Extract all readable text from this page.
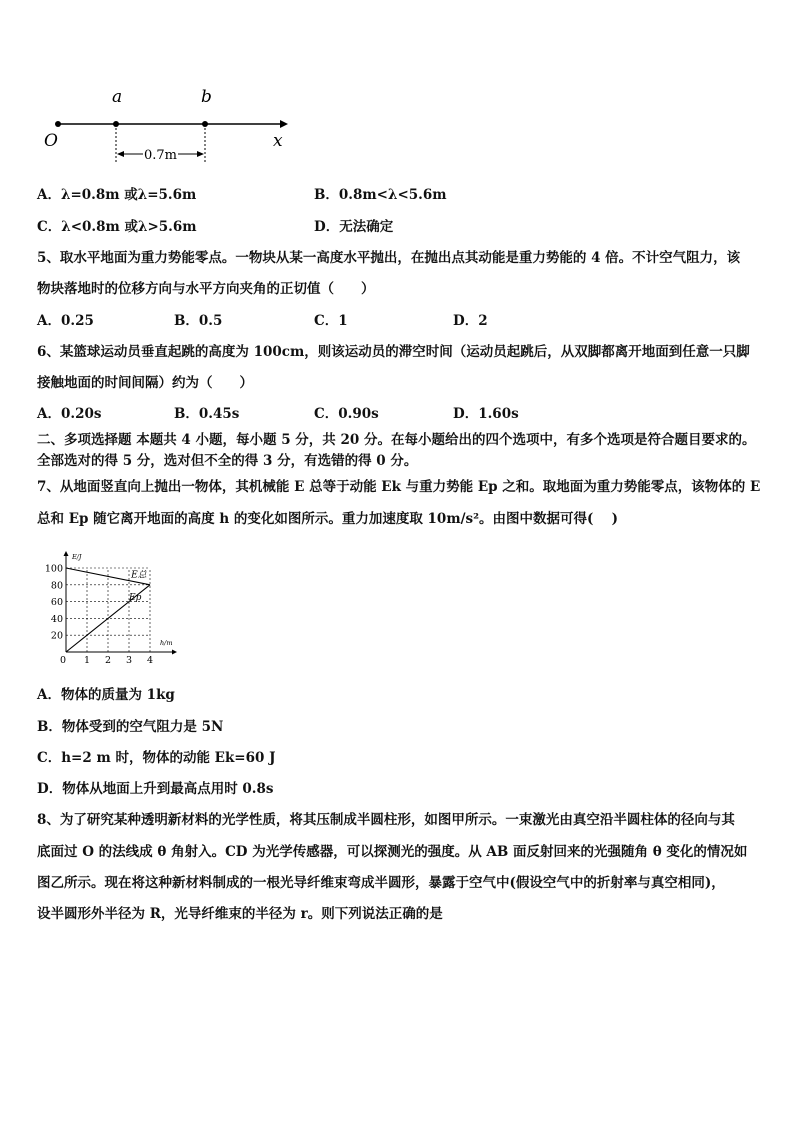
O
a	b
x
0.7m
A．λ=0.8m 或λ=5.6m	B．0.8m<λ<5.6m
C．λ<0.8m 或λ>5.6m	D．无法确定
5、取水平地面为重力势能零点。一物块从某一高度水平抛出，在抛出点其动能是重力势能的 4 倍。不计空气阻力，该
物块落地时的位移方向与水平方向夹角的正切值（　　）
A．0.25	B．0.5	C．1	D．2
6、某篮球运动员垂直起跳的高度为 100cm，则该运动员的滞空时间（运动员起跳后，从双脚都离开地面到任意一只脚
接触地面的时间间隔）约为（　　）
A．0.20s	B．0.45s	C．0.90s	D．1.60s
二、多项选择题 本题共 4 小题，每小题 5 分，共 20 分。在每小题给出的四个选项中，有多个选项是符合题目要求的。
全部选对的得 5 分，选对但不全的得 3 分，有选错的得 0 分。
7、从地面竖直向上抛出一物体，其机械能 E 总等于动能 Ek 与重力势能 Ep 之和。取地面为重力势能零点，该物体的 E
总和 Ep 随它离开地面的高度 h 的变化如图所示。重力加速度取 10m/s²。由图中数据可得(　 )
E/J
h/m
20
40
60
80
100
0 1 2 3 4
E总
Ep
A．物体的质量为 1kg
B．物体受到的空气阻力是 5N
C．h=2 m 时，物体的动能 Ek=60 J
D．物体从地面上升到最高点用时 0.8s
8、为了研究某种透明新材料的光学性质，将其压制成半圆柱形，如图甲所示。一束激光由真空沿半圆柱体的径向与其
底面过 O 的法线成 θ 角射入。CD 为光学传感器，可以探测光的强度。从 AB 面反射回来的光强随角 θ 变化的情况如
图乙所示。现在将这种新材料制成的一根光导纤维束弯成半圆形，暴露于空气中(假设空气中的折射率与真空相同)，
设半圆形外半径为 R，光导纤维束的半径为 r。则下列说法正确的是
